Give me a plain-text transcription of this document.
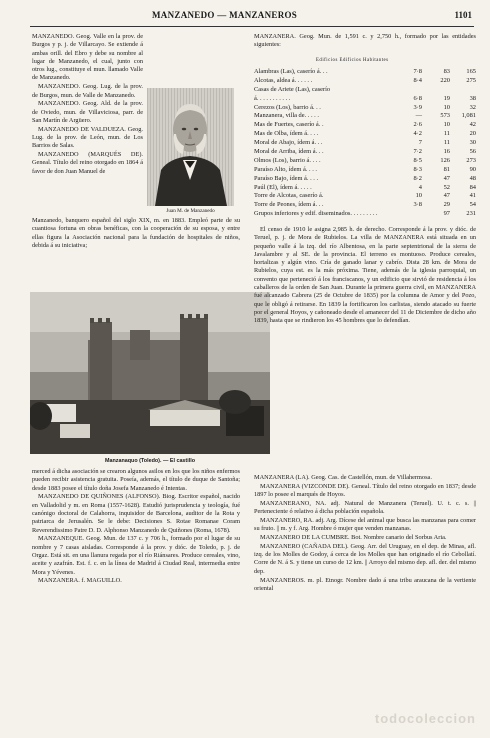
MANZANEDO — MANZANEROS	1101

MANZANEDO. Geog. Valle en la prov. de Burgos y p. j. de Villarcayo. Se extiende á ambas orill. del Ebro y debe su nombre al lugar de Manzanedo, el cual, junto con otros lug., constituye el mun. llamado Valle de Manzanedo.

MANZANEDO. Geog. Lug. de la prov. de Burgos, mun. de Valle de Manzanedo.

MANZANEDO. Geog. Ald. de la prov. de Oviedo, mun. de Villaviciosa, parr. de San Martín de Argüero.

MANZANEDO DE VALDUEZA. Geog. Lug. de la prov. de León, mun. de Los Barrios de Salas.

MANZANEDO (MARQUÉS DE). Geneal. Título del reino otorgado en 1864 á favor de don Juan Manuel de

Juan M. de Manzanedo

Manzanedo, banquero español del siglo XIX, m. en 1883. Empleó parte de su cuantiosa fortuna en obras benéficas, con la cooperación de su esposa, y entre ellas figura la Asociación nacional para la fundación de hospitales de niños, debida á su iniciativa;

Manzanaquo (Toledo). — El castillo

merced á dicha asociación se crearon algunos asilos en los que los niños enfermos pueden recibir asistencia gratuita. Poseía, además, el título de duque de Santoña; desde 1883 posee el título doña Josefa Manzanedo é Intentas.

MANZANEDO DE QUIÑONES (ALFONSO). Biog. Escritor español, nacido en Valladolid y m. en Roma (1557-1628). Estudió jurisprudencia y teología, fué canónigo doctoral de Calahorra, inquisidor de Barcelona, auditor de la Rota y patriarca de Jerusalén. Se le debe: Decisiones S. Rotae Romanae Coram Reverendissimo Patre D. D. Alphonso Manzanedo de Quiñones (Roma, 1678).

MANZANEQUE. Geog. Mun. de 137 c. y 706 h., formado por el lugar de su nombre y 7 casas aisladas. Corresponde á la prov. y dióc. de Toledo, p. j. de Orgaz. Está sit. en una llanura regada por el río Riánsares. Produce cereales, vino, aceite y azafrán. Est. f. c. en la línea de Madrid á Ciudad Real, intermedia entre Mora y Yévenes.

MANZANERA. f. MAGUILLO.

MANZANERA. Geog. Mun. de 1,591 c. y 2,750 h., formado por las entidades siguientes:

Edificios Edificios Habitantes
Alambras (Las), caserío á. . .	7·8	83	165
Alcotas, aldea á. . . . . .	8·4	220	275
Casas de Ariete (Las), caserío			
á. . . . . . . . . . .	6·8	19	38
Cerezos (Los), barrio á. . .	3·9	10	32
Manzanera, villa de. . . . .	—	573	1,081
Mas de Fuertes, caserío á. .	2·6	10	42
Mas de Olba, ídem á. . . .	4·2	11	20
Moral de Abajo, ídem á. . .	7	11	30
Moral de Arriba, ídem á. . .	7·2	16	56
Olmos (Los), barrio á. . . .	8·5	126	273
Paraíso Alto, ídem á. . . .	8·3	81	90
Paraíso Bajo, ídem á. . . .	8·2	47	48
Paúl (El), ídem á. . . . .	4	52	84
Torre de Alcotas, caserío á.	10	47	41
Torre de Peones, ídem á. . .	3·8	29	54
Grupos inferiores y edif. diseminados. . . . . . . . .		97	231

El censo de 1910 le asigna 2,985 h. de derecho. Corresponde á la prov. y dióc. de Teruel, p. j. de Mora de Rubielos. La villa de MANZANERA está situada en un pequeño valle á la izq. del río Albentosa, en la parte septentrional de la sierra de Javalambre y al SE. de la provincia. El terreno es montuoso. Produce cereales, hortalizas y algún vino. Cría de ganado lanar y cabrío. Dista 28 km. de Mora de Rubielos, cuya est. es la más próxima. Tiene, además de la iglesia parroquial, un convento que perteneció á los franciscanos, y un edificio que sirvió de residencia á los caballeros de la orden de San Juan. Durante la primera guerra civil, en MANZANERA fué alcanzado Cabrera (25 de Octubre de 1835) por la columna de Amor y del Pozo, que le obligó á retirarse. En 1839 la fortificaron los carlistas, siendo atacado su fuerte por el general Hoyos, y cañoneado desde el amanecer del 11 de Diciembre de dicho año 1839, hasta que se rindieron los 45 hombres que lo defendían.

MANZANERA (LA). Geog. Cas. de Castellón, mun. de Villahermosa.

MANZANERA (VIZCONDE DE). Geneal. Título del reino otorgado en 1837; desde 1897 lo posee el marqués de Hoyos.

MANZANERANO, NA. adj. Natural de Manzanera (Teruel). U. t. c. s. || Perteneciente ó relativo á dicha población española.

MANZANERO, RA. adj. Arg. Dícese del animal que busca las manzanas para comer su fruto. || m. y f. Arg. Hombre ó mujer que venden manzanas.

MANZANERO DE LA CUMBRE. Bot. Nombre canario del Sorbus Aria.

MANZANERO (CAÑADA DEL). Geog. Arr. del Uruguay, en el dep. de Minas, afl. izq. de los Molles de Godoy, á cerca de los Molles que han originado el río Cebollatí. Corre de N. á S. y tiene un curso de 12 km. || Arroyo del mismo dep. afl. der. del mismo dep.

MANZANEROS. m. pl. Etnogr. Nombre dado á una tribu araucana de la vertiente oriental

todocoleccion
